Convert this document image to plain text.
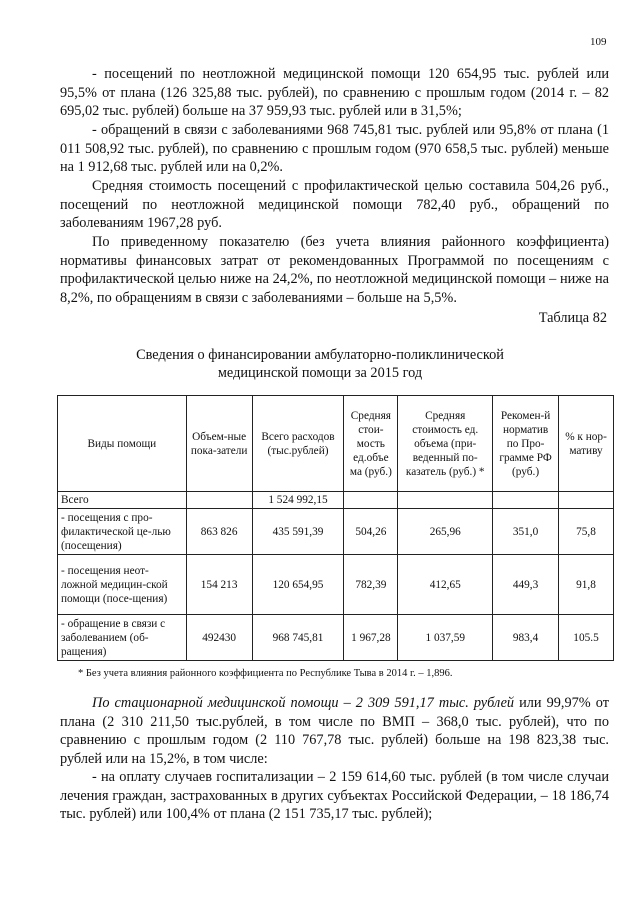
109

- посещений по неотложной медицинской помощи 120 654,95 тыс. рублей или 95,5% от плана (126 325,88 тыс. рублей), по сравнению с прошлым годом (2014 г. – 82 695,02 тыс. рублей) больше на 37 959,93 тыс. рублей или в 31,5%;

- обращений в связи с заболеваниями 968 745,81 тыс. рублей или 95,8% от плана (1 011 508,92 тыс. рублей), по сравнению с прошлым годом (970 658,5 тыс. рублей) меньше на 1 912,68 тыс. рублей или на 0,2%.

Средняя стоимость посещений с профилактической целью составила 504,26 руб., посещений по неотложной медицинской помощи 782,40 руб., обращений по заболеваниям 1967,28 руб.

По приведенному показателю (без учета влияния районного коэффициента) нормативы финансовых затрат от рекомендованных Программой по посещениям с профилактической целью ниже на 24,2%, по неотложной медицинской помощи – ниже на 8,2%, по обращениям в связи с заболеваниями – больше на 5,5%.

Таблица 82
Сведения о финансировании амбулаторно-поликлинической
медицинской помощи за 2015 год
Виды помощи	Объем-ные пока-затели	Всего расходов (тыс.рублей)	Средняя стои-мость ед.объе ма (руб.)	Средняя стоимость ед. объема (при-веденный по-казатель (руб.) *	Рекомен-й норматив по Про-грамме РФ (руб.)	% к нор-мативу
Всего		1 524 992,15				
- посещения с про-филактической це-лью (посещения)	863 826	435 591,39	504,26	265,96	351,0	75,8
- посещения неот-ложной медицин-ской помощи (посе-щения)	154 213	120 654,95	782,39	412,65	449,3	91,8
- обращение в связи с заболеванием (об-ращения)	492430	968 745,81	1 967,28	1 037,59	983,4	105.5
* Без учета влияния районного коэффициента по Республике Тыва в 2014 г. – 1,896.

По стационарной медицинской помощи – 2 309 591,17 тыс. рублей или 99,97% от плана (2 310 211,50 тыс.рублей, в том числе по ВМП – 368,0 тыс. рублей), что по сравнению с прошлым годом (2 110 767,78 тыс. рублей) больше на 198 823,38 тыс. рублей или на 15,2%, в том числе:

- на оплату случаев госпитализации – 2 159 614,60 тыс. рублей (в том числе случаи лечения граждан, застрахованных в других субъектах Российской Федерации, – 18 186,74 тыс. рублей) или 100,4% от плана (2 151 735,17 тыс. рублей);
